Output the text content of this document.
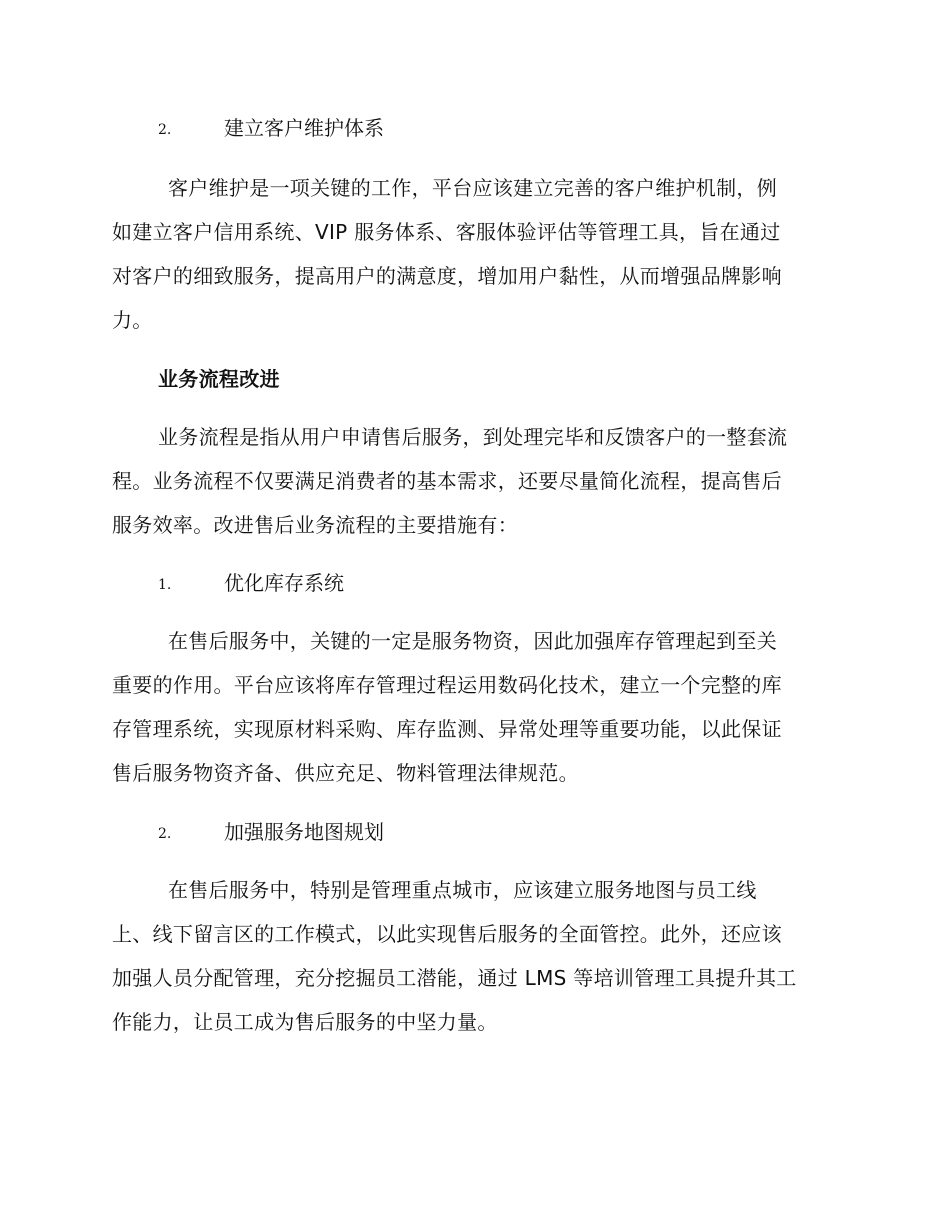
2.	建立客户维护体系
客户维护是一项关键的工作，平台应该建立完善的客户维护机制，例
如建立客户信用系统、VIP 服务体系、客服体验评估等管理工具，旨在通过
对客户的细致服务，提高用户的满意度，增加用户黏性，从而增强品牌影响
力。
业务流程改进
业务流程是指从用户申请售后服务，到处理完毕和反馈客户的一整套流
程。业务流程不仅要满足消费者的基本需求，还要尽量简化流程，提高售后
服务效率。改进售后业务流程的主要措施有：
1.	优化库存系统
在售后服务中，关键的一定是服务物资，因此加强库存管理起到至关
重要的作用。平台应该将库存管理过程运用数码化技术，建立一个完整的库
存管理系统，实现原材料采购、库存监测、异常处理等重要功能，以此保证
售后服务物资齐备、供应充足、物料管理法律规范。
2.	加强服务地图规划
在售后服务中，特别是管理重点城市，应该建立服务地图与员工线
上、线下留言区的工作模式，以此实现售后服务的全面管控。此外，还应该
加强人员分配管理，充分挖掘员工潜能，通过 LMS 等培训管理工具提升其工
作能力，让员工成为售后服务的中坚力量。
